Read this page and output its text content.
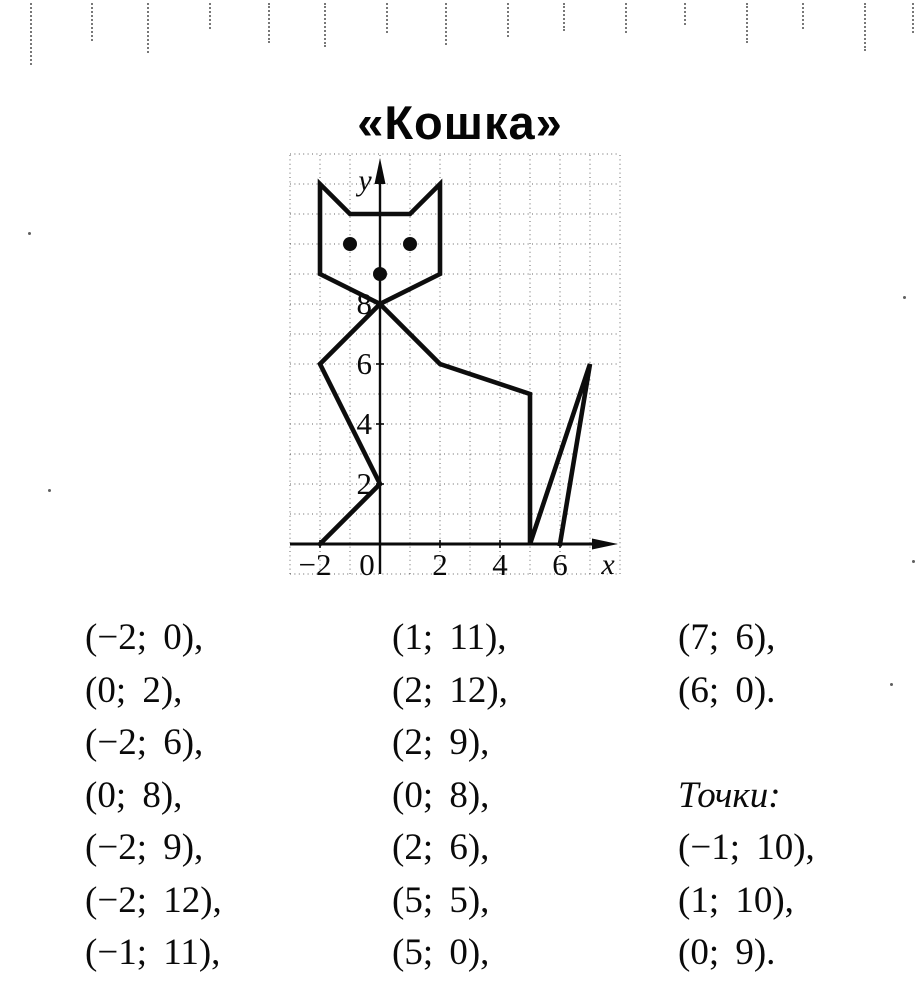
«Кошка»
−2 0 2 4 6
2
4
6
8
y
x
(−2; 0),
(0; 2),
(−2; 6),
(0; 8),
(−2; 9),
(−2; 12),
(−1; 11),
(1; 11),
(2; 12),
(2; 9),
(0; 8),
(2; 6),
(5; 5),
(5; 0),
(7; 6),
(6; 0).
Точки:
(−1; 10),
(1; 10),
(0; 9).
